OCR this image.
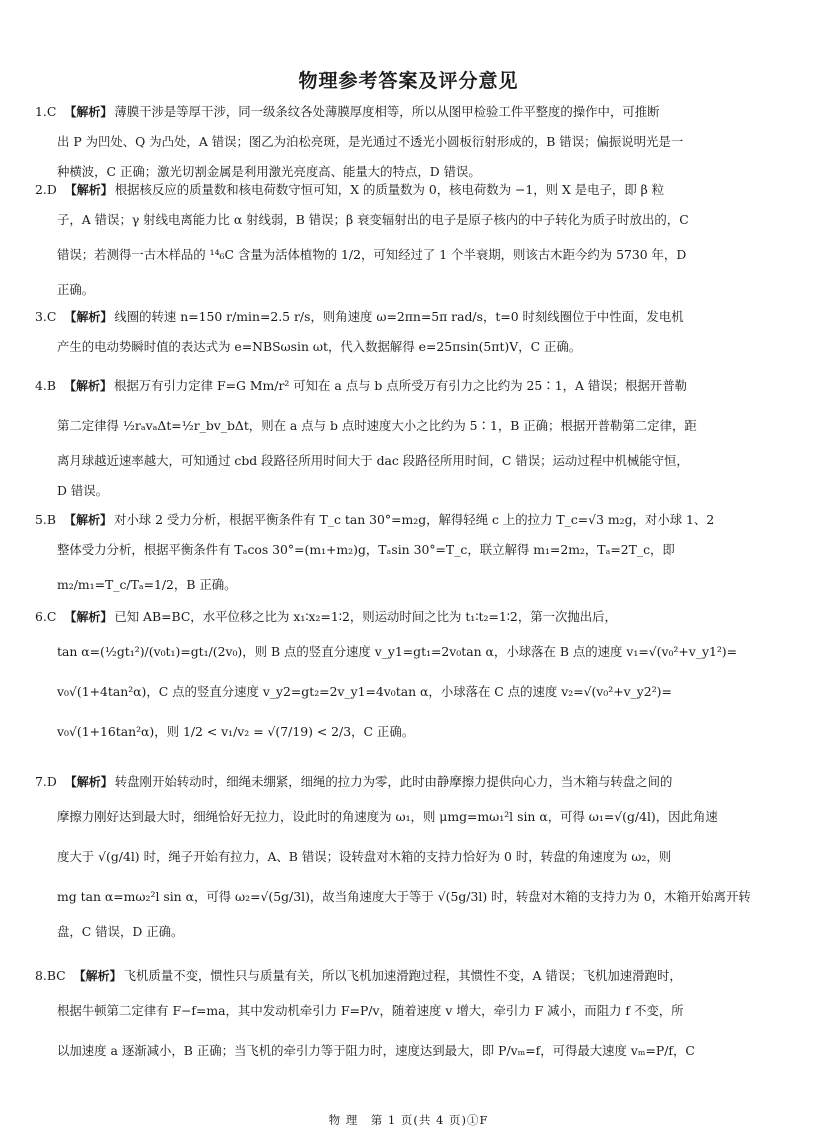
物理参考答案及评分意见
1.C 【解析】 薄膜干涉是等厚干涉，同一级条纹各处薄膜厚度相等，所以从图甲检验工件平整度的操作中，可推断
出 P 为凹处、Q 为凸处，A 错误；图乙为泊松亮斑，是光通过不透光小圆板衍射形成的，B 错误；偏振说明光是一
种横波，C 正确；激光切割金属是利用激光亮度高、能量大的特点，D 错误。
2.D 【解析】 根据核反应的质量数和核电荷数守恒可知，X 的质量数为 0，核电荷数为 −1，则 X 是电子，即 β 粒
子，A 错误；γ 射线电离能力比 α 射线弱，B 错误；β 衰变辐射出的电子是原子核内的中子转化为质子时放出的，C
错误；若测得一古木样品的 ¹⁴₆C 含量为活体植物的 1/2，可知经过了 1 个半衰期，则该古木距今约为 5730 年，D
正确。
3.C 【解析】 线圈的转速 n=150 r/min=2.5 r/s，则角速度 ω=2πn=5π rad/s，t=0 时刻线圈位于中性面，发电机
产生的电动势瞬时值的表达式为 e=NBSωsin ωt，代入数据解得 e=25πsin(5πt)V，C 正确。
4.B 【解析】 根据万有引力定律 F=G Mm/r² 可知在 a 点与 b 点所受万有引力之比约为 25∶1，A 错误；根据开普勒
第二定律得 ½rₐvₐΔt=½r_bv_bΔt，则在 a 点与 b 点时速度大小之比约为 5∶1，B 正确；根据开普勒第二定律，距
离月球越近速率越大，可知通过 cbd 段路径所用时间大于 dac 段路径所用时间，C 错误；运动过程中机械能守恒，
D 错误。
5.B 【解析】 对小球 2 受力分析，根据平衡条件有 T_c tan 30°=m₂g，解得轻绳 c 上的拉力 T_c=√3 m₂g，对小球 1、2
整体受力分析，根据平衡条件有 Tₐcos 30°=(m₁+m₂)g，Tₐsin 30°=T_c，联立解得 m₁=2m₂，Tₐ=2T_c，即
m₂/m₁=T_c/Tₐ=1/2，B 正确。
6.C 【解析】 已知 AB=BC，水平位移之比为 x₁∶x₂=1∶2，则运动时间之比为 t₁∶t₂=1∶2，第一次抛出后，
tan α=(½gt₁²)/(v₀t₁)=gt₁/(2v₀)，则 B 点的竖直分速度 v_y1=gt₁=2v₀tan α，小球落在 B 点的速度 v₁=√(v₀²+v_y1²)=
v₀√(1+4tan²α)，C 点的竖直分速度 v_y2=gt₂=2v_y1=4v₀tan α，小球落在 C 点的速度 v₂=√(v₀²+v_y2²)=
v₀√(1+16tan²α)，则 1/2 < v₁/v₂ = √(7/19) < 2/3，C 正确。
7.D 【解析】 转盘刚开始转动时，细绳未绷紧，细绳的拉力为零，此时由静摩擦力提供向心力，当木箱与转盘之间的
摩擦力刚好达到最大时，细绳恰好无拉力，设此时的角速度为 ω₁，则 μmg=mω₁²l sin α，可得 ω₁=√(g/4l)，因此角速
度大于 √(g/4l) 时，绳子开始有拉力，A、B 错误；设转盘对木箱的支持力恰好为 0 时，转盘的角速度为 ω₂，则
mg tan α=mω₂²l sin α，可得 ω₂=√(5g/3l)，故当角速度大于等于 √(5g/3l) 时，转盘对木箱的支持力为 0，木箱开始离开转
盘，C 错误，D 正确。
8.BC 【解析】 飞机质量不变，惯性只与质量有关，所以飞机加速滑跑过程，其惯性不变，A 错误；飞机加速滑跑时，
根据牛顿第二定律有 F−f=ma，其中发动机牵引力 F=P/v，随着速度 v 增大，牵引力 F 减小，而阻力 f 不变，所
以加速度 a 逐渐减小，B 正确；当飞机的牵引力等于阻力时，速度达到最大，即 P/vₘ=f，可得最大速度 vₘ=P/f，C
物 理　第 1 页(共 4 页)①F
